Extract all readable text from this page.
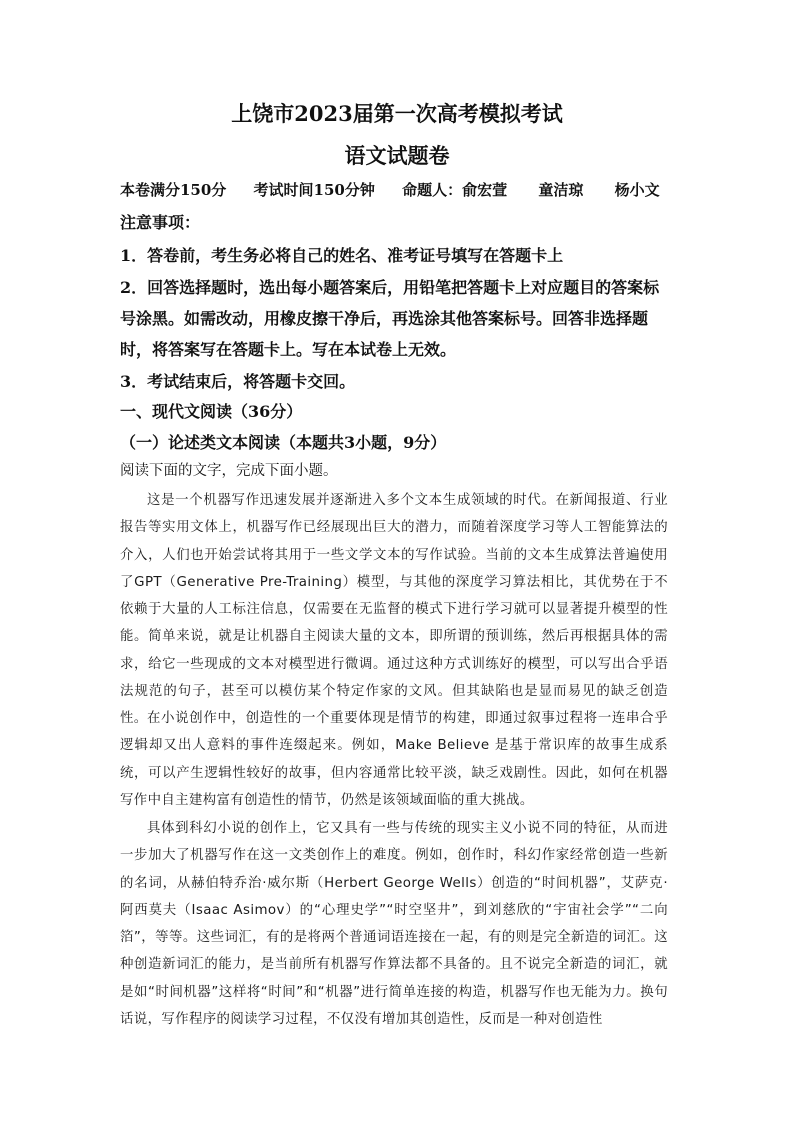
上饶市2023届第一次高考模拟考试
语文试题卷
本卷满分150分 考试时间150分钟 命题人：俞宏萱 童洁琼 杨小文
注意事项：
1．答卷前，考生务必将自己的姓名、准考证号填写在答题卡上
2．回答选择题时，选出每小题答案后，用铅笔把答题卡上对应题目的答案标
号涂黑。如需改动，用橡皮擦干净后，再选涂其他答案标号。回答非选择题
时，将答案写在答题卡上。写在本试卷上无效。
3．考试结束后，将答题卡交回。
一、现代文阅读（36分）
（一）论述类文本阅读（本题共3小题，9分）
阅读下面的文字，完成下面小题。
这是一个机器写作迅速发展并逐渐进入多个文本生成领域的时代。在新闻报道、行业报告等实用文体上，机器写作已经展现出巨大的潜力，而随着深度学习等人工智能算法的介入，人们也开始尝试将其用于一些文学文本的写作试验。当前的文本生成算法普遍使用了GPT（Generative Pre-Training）模型，与其他的深度学习算法相比，其优势在于不依赖于大量的人工标注信息，仅需要在无监督的模式下进行学习就可以显著提升模型的性能。简单来说，就是让机器自主阅读大量的文本，即所谓的预训练，然后再根据具体的需求，给它一些现成的文本对模型进行微调。通过这种方式训练好的模型，可以写出合乎语法规范的句子，甚至可以模仿某个特定作家的文风。但其缺陷也是显而易见的缺乏创造性。 在小说创作中，创造性的一个重要体现是情节的构建，即通过叙事过程将一连串合乎逻辑却又出人意料的事件连缀起来。例如，Make Believe 是基于常识库的故事生成系统，可以产生逻辑性较好的故事，但内容通常比较平淡，缺乏戏剧性。因此，如何在机器写作中自主建构富有创造性的情节，仍然是该领域面临的重大挑战。
具体到科幻小说的创作上，它又具有一些与传统的现实主义小说不同的特征，从而进一步加大了机器写作在这一文类创作上的难度。例如，创作时，科幻作家经常创造一些新的名词，从赫伯特乔治·威尔斯（Herbert George Wells）创造的“时间机器”，艾萨克·阿西莫夫（Isaac Asimov）的“心理史学”“时空坚井”，到刘慈欣的“宇宙社会学”“二向箔”，等等。这些词汇，有的是将两个普通词语连接在一起，有的则是完全新造的词汇。这种创造新词汇的能力，是当前所有机器写作算法都不具备的。且不说完全新造的词汇，就是如“时间机器”这样将“时间”和“机器”进行简单连接的构造，机器写作也无能为力。换句话说，写作程序的阅读学习过程，不仅没有增加其创造性，反而是一种对创造性
